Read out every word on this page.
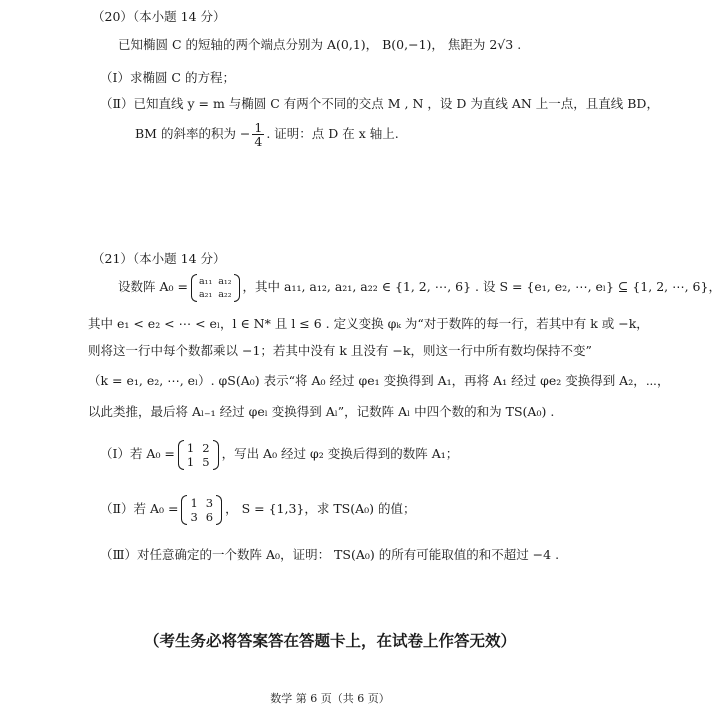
（20）（本小题 14 分）
已知椭圆 C 的短轴的两个端点分别为 A(0,1)， B(0,−1)， 焦距为 2√3 .
（Ⅰ）求椭圆 C 的方程；
（Ⅱ）已知直线 y = m 与椭圆 C 有两个不同的交点 M , N ，设 D 为直线 AN 上一点，且直线 BD，
BM 的斜率的积为 − $\frac{1}{4}$ . 证明：点 D 在 x 轴上.
（21）（本小题 14 分）
设数阵 A₀ = a₁₁	a₁₂
a₂₁	a₂₂ ，其中 a₁₁, a₁₂, a₂₁, a₂₂ ∈ {1, 2, ⋯, 6} . 设 S = {e₁, e₂, ⋯, eₗ} ⊆ {1, 2, ⋯, 6}，
其中 e₁ < e₂ < ⋯ < eₗ，l ∈ N* 且 l ≤ 6 . 定义变换 φₖ 为“对于数阵的每一行，若其中有 k 或 −k，
则将这一行中每个数都乘以 −1；若其中没有 k 且没有 −k，则这一行中所有数均保持不变”
（k = e₁, e₂, ⋯, eₗ）. φS(A₀) 表示“将 A₀ 经过 φe₁ 变换得到 A₁，再将 A₁ 经过 φe₂ 变换得到 A₂，⋯，
以此类推，最后将 Aₗ₋₁ 经过 φeₗ 变换得到 Aₗ”，记数阵 Aₗ 中四个数的和为 TS(A₀) .
（Ⅰ）若 A₀ = 1	2
1	5
，写出 A₀ 经过 φ₂ 变换后得到的数阵 A₁；
（Ⅱ）若 A₀ = 1	3
3	6
， S = {1,3}，求 TS(A₀) 的值；
（Ⅲ）对任意确定的一个数阵 A₀，证明： TS(A₀) 的所有可能取值的和不超过 −4 .
（考生务必将答案答在答题卡上，在试卷上作答无效）
数学 第 6 页（共 6 页）
